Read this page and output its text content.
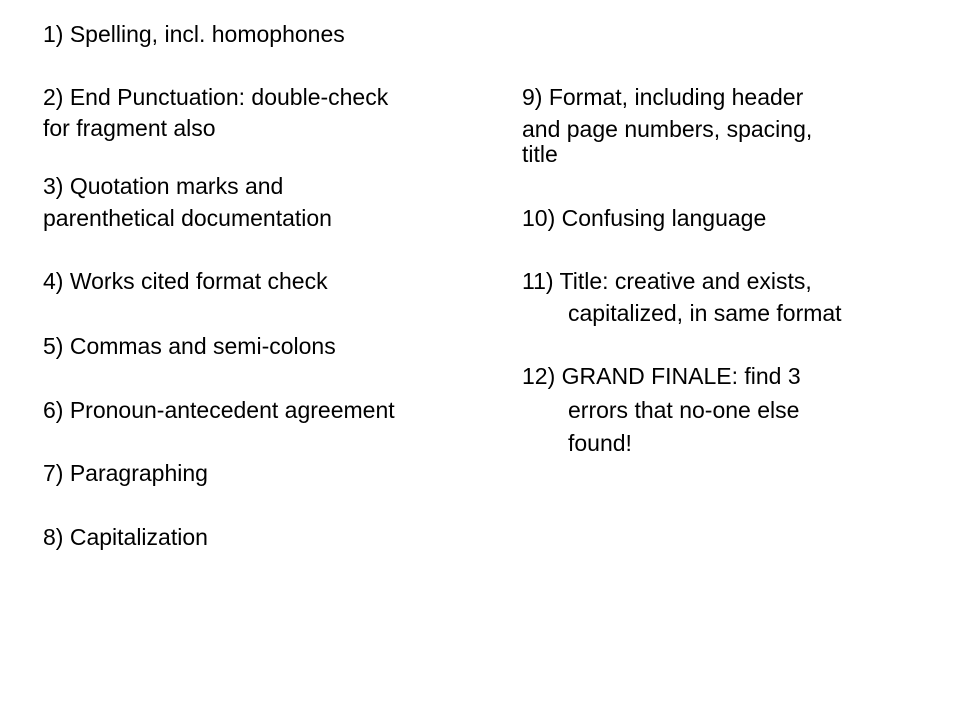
1) Spelling, incl. homophones

2) End Punctuation: double-check

for fragment also

3) Quotation marks and

parenthetical documentation

4) Works cited format check

5) Commas and semi-colons

6) Pronoun-antecedent agreement

7) Paragraphing

8) Capitalization

9) Format, including header

and page numbers, spacing,

title

10) Confusing language

11) Title: creative and exists,

capitalized, in same format

12) GRAND FINALE: find 3

errors that no-one else

found!
